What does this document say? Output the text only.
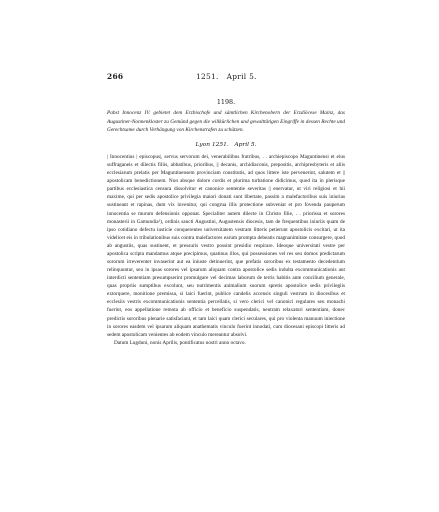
266	1251.   April 5.
1198.
Pabst Innocenz IV. gebietet dem Erzbischofe und sämtlichen Kirchenobern der Erzdiöcese Mainz, das Augustiner-Nonnenkloster zu Gemünd gegen die willkürlichen und gewalttätigen Eingriffe in dessen Rechte und Gerechtsame durch Verhängung von Kirchenstrafen zu schützen.
Lyon 1251.   April 5.

| Innocentius | episcopus|, servus servorum dei, venerabilibus fratribus, . . archiepiscopo Maguntinensi et eius suffraganeis et dilectis filiis, abbatibus, prioribus, || decanis, archidiaconis, prepositis, archipresbyteris et aliis ecclesiarum prelatis per Maguntinensem provinciam constitutis, ad quos littere iste pervenerint, salutem et || apostolicam benedictionem. Non absque dolore cordis et plurima turbatione didicimus, quod ita in plerisque partibus ecclesiastica censura dissolvitur et canonice sententie severitas || enervatur, ut viri religiosi et hii maxime, qui per sedis apostolice privilegia maiori donati sunt libertate, passim a malefactoribus suis iniurias sustineant et rapinas, dum vix invenitur, qui congrua illis protectione subveniat et pro fovenda pauperum innocentia se murum defensionis opponat. Specialiter autem dilecte in Christo filie, . . priorissa et sorores monasterii in Gamundia¹), ordinis sancti Augustini, Augustensis diocesis, tam de frequentibus iniuriis quam de ipso cotidiano defectu iusticie conquerentes universitatem vestram litteris petierunt apostolicis excitari, ut ita videlicet eis in tribulationibus suis contra malefactores earum prompta debeatis magnanimitate consurgere, quod ab angustiis, quas sustinent, et pressuris vestro possint presidio respirare. Ideoque universitati vestre per apostolica scripta mandamus atque precipimus, quatinus illos, qui possessiones vel res seu domos predictarum sororum irreverenter invaserint aut ea iniuste detinuerint, que prefatis sororibus ex testamento decedentium relinquuntur, seu in ipsas sorores vel ipsarum aliquam contra apostolice sedis indulta excommunicationis aut interdicti sententiam presumpserint promulgare vel decimas laborum de terris habitis ante concilium generale, quas propriis sumptibus excolunt, seu nutrimentis animalium suorum spretis apostolice sedis privilegiis extorquere, monitione premissa, si laici fuerint, publice candelis accensis singuli vestrum in diocesibus et ecclesiis vestris excommunicationis sententia percellatis, si vero clerici vel canonici regulares seu monachi fuerint, eos appellatione remota ab officio et beneficio suspendatis, neutram relaxaturi sententiam, donec predictis sororibus plenarie satisfaciant, et tam laici quam clerici seculares, qui pro violenta manuum iniectione in sorores easdem vel ipsarum aliquam anathematis vinculo fuerint innodati, cum diocesani episcopi litteris ad sedem apostolicam venientes ab eodem vinculo mereantur absolvi.

Datum Lugduni, nonis Aprilis, pontificatus nostri anno octavo.
